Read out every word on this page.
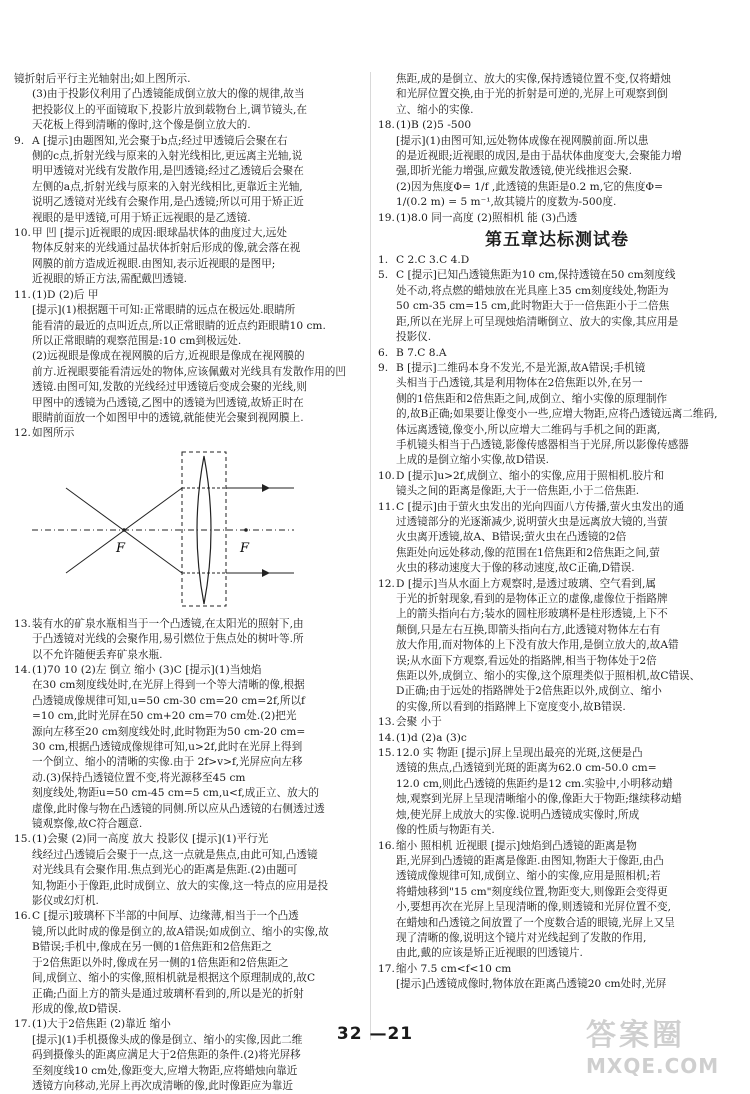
镜折射后平行主光轴射出;如上图所示.
(3)由于投影仪利用了凸透镜能成倒立放大的像的规律,故当
把投影仪上的平面镜取下,投影片放到载物台上,调节镜头,在
天花板上得到清晰的像时,这个像是倒立放大的.
9. A [提示]由题图知,光会聚于b点;经过甲透镜后会聚在右
侧的c点,折射光线与原来的入射光线相比,更远离主光轴,说
明甲透镜对光线有发散作用,是凹透镜;经过乙透镜后会聚在
左侧的a点,折射光线与原来的入射光线相比,更靠近主光轴,
说明乙透镜对光线有会聚作用,是凸透镜;所以可用于矫正近
视眼的是甲透镜,可用于矫正远视眼的是乙透镜.
10.甲 凹 [提示]近视眼的成因:眼球晶状体的曲度过大,远处
物体反射来的光线通过晶状体折射后形成的像,就会落在视
网膜的前方造成近视眼.由图知,表示近视眼的是图甲;
近视眼的矫正方法,需配戴凹透镜.
11.(1)D (2)后 甲
[提示](1)根据题干可知:正常眼睛的远点在极远处.眼睛所
能看清的最近的点叫近点,所以正常眼睛的近点约距眼睛10 cm.
所以正常眼睛的观察范围是:10 cm到极远处.
(2)远视眼是像成在视网膜的后方,近视眼是像成在视网膜的
前方.近视眼要能看清远处的物体,应该佩戴对光线具有发散作用的凹
透镜.由图可知,发散的光线经过甲透镜后变成会聚的光线,则
甲图中的透镜为凸透镜,乙图中的透镜为凹透镜,故矫正时在
眼睛前面放一个如图甲中的透镜,就能使光会聚到视网膜上.
12.如图所示
F	F
13.装有水的矿泉水瓶相当于一个凸透镜,在太阳光的照射下,由
于凸透镜对光线的会聚作用,易引燃位于焦点处的树叶等.所
以不允许随便丢弃矿泉水瓶.
14.(1)70 10 (2)左 倒立 缩小 (3)C [提示](1)当烛焰
在30 cm刻度线处时,在光屏上得到一个等大清晰的像,根据
凸透镜成像规律可知,u=50 cm-30 cm=20 cm=2f,所以f
=10 cm,此时光屏在50 cm+20 cm=70 cm处.(2)把光
源向左移至20 cm刻度线处时,此时物距为50 cm-20 cm=
30 cm,根据凸透镜成像规律可知,u>2f,此时在光屏上得到
一个倒立、缩小的清晰的实像.由于 2f>v>f,光屏应向左移
动.(3)保持凸透镜位置不变,将光源移至45 cm
刻度线处,物距u=50 cm-45 cm=5 cm,u<f,成正立、放大的
虚像,此时像与物在凸透镜的同侧.所以应从凸透镜的右侧透过透
镜观察像,故C符合题意.
15.(1)会聚 (2)同一高度 放大 投影仪 [提示](1)平行光
线经过凸透镜后会聚于一点,这一点就是焦点,由此可知,凸透镜
对光线具有会聚作用.焦点到光心的距离是焦距.(2)由题可
知,物距小于像距,此时成倒立、放大的实像,这一特点的应用是投
影仪或幻灯机.
16.C [提示]玻璃杯下半部的中间厚、边缘薄,相当于一个凸透
镜,所以此时成的像是倒立的,故A错误;如成倒立、缩小的实像,故
B错误;手机中,像成在另一侧的1倍焦距和2倍焦距之
于2倍焦距以外时,像成在另一侧的1倍焦距和2倍焦距之
间,成倒立、缩小的实像,照相机就是根据这个原理制成的,故C
正确;凸面上方的箭头是通过玻璃杯看到的,所以是光的折射
形成的像,故D错误.
17.(1)大于2倍焦距 (2)靠近 缩小
[提示](1)手机摄像头成的像是倒立、缩小的实像,因此二维
码到摄像头的距离应满足大于2倍焦距的条件.(2)将光屏移
至刻度线10 cm处,像距变大,应增大物距,应将蜡烛向靠近
透镜方向移动,光屏上再次成清晰的像,此时像距应为靠近
焦距,成的是倒立、放大的实像,保持透镜位置不变,仅将蜡烛
和光屏位置交换,由于光的折射是可逆的,光屏上可观察到倒
立、缩小的实像.
18.(1)B (2)5 -500
[提示](1)由图可知,远处物体成像在视网膜前面.所以患
的是近视眼;近视眼的成因,是由于晶状体曲度变大,会聚能力增
强,即折光能力增强,应戴发散透镜,使光线推迟会聚.
(2)因为焦度Φ= 1/f ,此透镜的焦距是0.2 m,它的焦度Φ=
1/(0.2 m) = 5 m⁻¹,故其镜片的度数为-500度.
19.(1)8.0 同一高度 (2)照相机 能 (3)凸透
第五章达标测试卷
1. C 2.C 3.C 4.D
5. C [提示]已知凸透镜焦距为10 cm,保持透镜在50 cm刻度线
处不动,将点燃的蜡烛放在光具座上35 cm刻度线处,物距为
50 cm-35 cm=15 cm,此时物距大于一倍焦距小于二倍焦
距,所以在光屏上可呈现烛焰清晰倒立、放大的实像,其应用是
投影仪.
6. B 7.C 8.A
9. B [提示]二维码本身不发光,不是光源,故A错误;手机镜
头相当于凸透镜,其是利用物体在2倍焦距以外,在另一
侧的1倍焦距和2倍焦距之间,成倒立、缩小实像的原理制作
的,故B正确;如果要让像变小一些,应增大物距,应将凸透镜远离二维码,
体远离透镜,像变小,所以应增大二维码与手机之间的距离,
手机镜头相当于凸透镜,影像传感器相当于光屏,所以影像传感器
上成的是倒立缩小实像,故D错误.
10.D [提示]u>2f,成倒立、缩小的实像,应用于照相机.胶片和
镜头之间的距离是像距,大于一倍焦距,小于二倍焦距.
11.C [提示]由于萤火虫发出的光向四面八方传播,萤火虫发出的通
过透镜部分的光逐渐减少,说明萤火虫是远离放大镜的,当萤
火虫离开透镜,故A、B错误;萤火虫在凸透镜的2倍
焦距处向远处移动,像的范围在1倍焦距和2倍焦距之间,萤
火虫的移动速度大于像的移动速度,故C正确,D错误.
12.D [提示]当从水面上方观察时,是透过玻璃、空气看到,属
于光的折射现象,看到的是物体正立的虚像,虚像位于指路牌
上的箭头指向右方;装水的圆柱形玻璃杯是柱形透镜,上下不
颠倒,只是左右互换,即箭头指向右方,此透镜对物体左右有
放大作用,而对物体的上下没有放大作用,是倒立放大的,故A错
误;从水面下方观察,看远处的指路牌,相当于物体处于2倍
焦距以外,成倒立、缩小的实像,这个原理类似于照相机,故C错误、
D正确;由于远处的指路牌处于2倍焦距以外,成倒立、缩小
的实像,所以看到的指路牌上下宽度变小,故B错误.
13.会聚 小于
14.(1)d (2)a (3)c
15.12.0 实 物距 [提示]屏上呈现出最亮的光斑,这便是凸
透镜的焦点,凸透镜到光斑的距离为62.0 cm-50.0 cm=
12.0 cm,则此凸透镜的焦距约是12 cm.实验中,小明移动蜡
烛,观察到光屏上呈现清晰缩小的像,像距大于物距;继续移动蜡
烛,使光屏上成放大的实像.说明凸透镜成实像时,所成
像的性质与物距有关.
16.缩小 照相机 近视眼 [提示]烛焰到凸透镜的距离是物
距,光屏到凸透镜的距离是像距.由图知,物距大于像距,由凸
透镜成像规律可知,成倒立、缩小的实像,应用是照相机;若
将蜡烛移到"15 cm"刻度线位置,物距变大,则像距会变得更
小,要想再次在光屏上呈现清晰的像,则透镜和光屏位置不变,
在蜡烛和凸透镜之间放置了一个度数合适的眼镜,光屏上又呈
现了清晰的像,说明这个镜片对光线起到了发散的作用,
由此,戴的应该是矫正近视眼的凹透镜片.
17.缩小 7.5 cm<f<10 cm
[提示]凸透镜成像时,物体放在距离凸透镜20 cm处时,光屏
32 —21	答案圈
MXQE.COM
